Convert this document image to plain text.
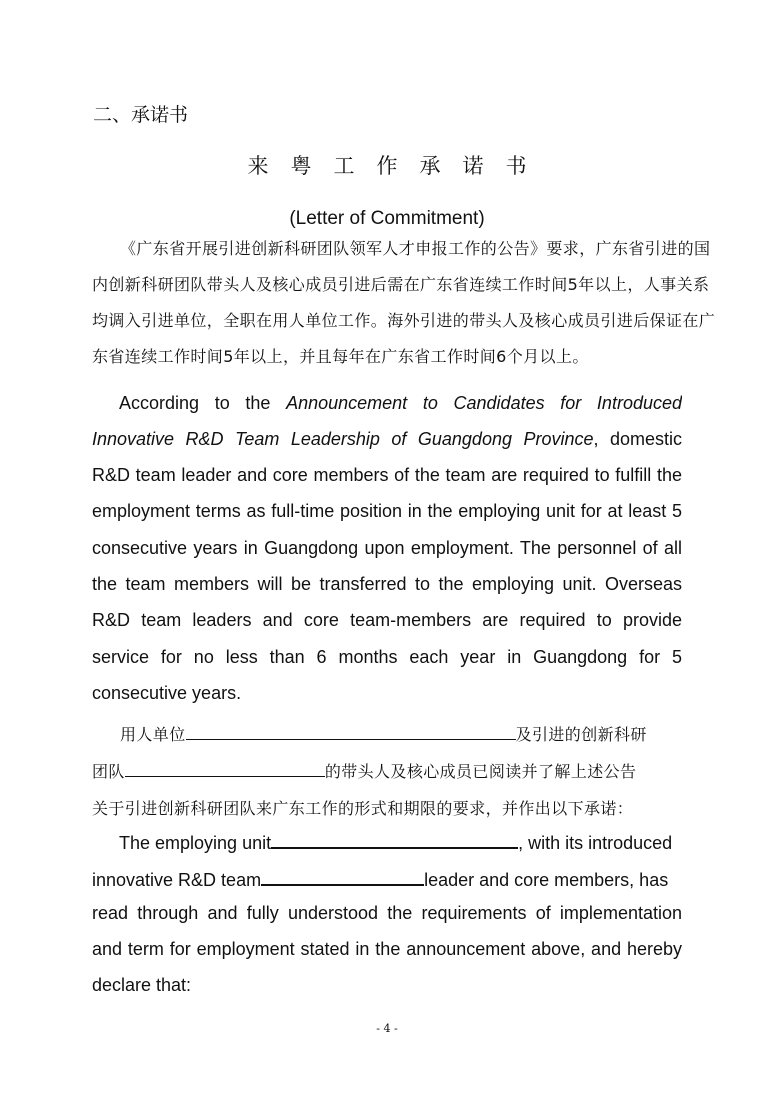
二、承诺书
来粤工作承诺书
(Letter of Commitment)
《广东省开展引进创新科研团队领军人才申报工作的公告》要求，广东省引进的国
内创新科研团队带头人及核心成员引进后需在广东省连续工作时间5年以上，人事关系
均调入引进单位，全职在用人单位工作。海外引进的带头人及核心成员引进后保证在广
东省连续工作时间5年以上，并且每年在广东省工作时间6个月以上。
According to the Announcement to Candidates for Introduced
Innovative R&D Team Leadership of Guangdong Province, domestic
R&D team leader and core members of the team are required to fulfill the
employment terms as full-time position in the employing unit for at least 5
consecutive years in Guangdong upon employment. The personnel of all
the team members will be transferred to the employing unit. Overseas
R&D team leaders and core team-members are required to provide
service for no less than 6 months each year in Guangdong for 5
consecutive years.
用人单位	及引进的创新科研
团队	的带头人及核心成员已阅读并了解上述公告
关于引进创新科研团队来广东工作的形式和期限的要求，并作出以下承诺：
The employing unit	, with its introduced
innovative R&D team	leader and core members, has
read through and fully understood the requirements of implementation
and term for employment stated in the announcement above, and hereby
declare that:
- 4 -
